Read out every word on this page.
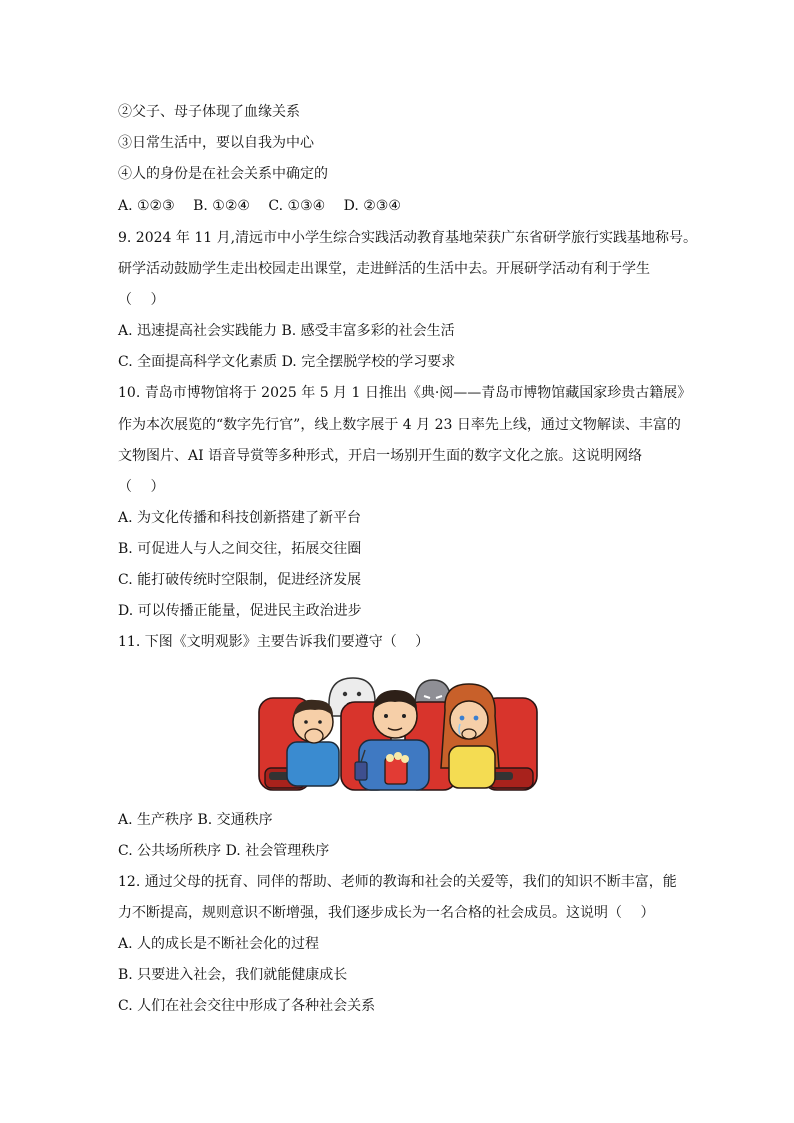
②父子、母子体现了血缘关系
③日常生活中，要以自我为中心
④人的身份是在社会关系中确定的
A. ①②③　 B. ①②④　 C. ①③④　 D. ②③④
9. 2024 年 11 月,清远市中小学生综合实践活动教育基地荣获广东省研学旅行实践基地称号。
研学活动鼓励学生走出校园走出课堂，走进鲜活的生活中去。开展研学活动有利于学生
（　 ）
A. 迅速提高社会实践能力 B. 感受丰富多彩的社会生活
C. 全面提高科学文化素质 D. 完全摆脱学校的学习要求
10. 青岛市博物馆将于 2025 年 5 月 1 日推出《典·阅——青岛市博物馆藏国家珍贵古籍展》
作为本次展览的“数字先行官”，线上数字展于 4 月 23 日率先上线，通过文物解读、丰富的
文物图片、AI 语音导赏等多种形式，开启一场别开生面的数字文化之旅。这说明网络
（　 ）
A. 为文化传播和科技创新搭建了新平台
B. 可促进人与人之间交往，拓展交往圈
C. 能打破传统时空限制，促进经济发展
D. 可以传播正能量，促进民主政治进步
11. 下图《文明观影》主要告诉我们要遵守（　 ）
A. 生产秩序 B. 交通秩序
C. 公共场所秩序 D. 社会管理秩序
12. 通过父母的抚育、同伴的帮助、老师的教诲和社会的关爱等，我们的知识不断丰富，能
力不断提高，规则意识不断增强，我们逐步成长为一名合格的社会成员。这说明（　 ）
A. 人的成长是不断社会化的过程
B. 只要进入社会，我们就能健康成长
C. 人们在社会交往中形成了各种社会关系
